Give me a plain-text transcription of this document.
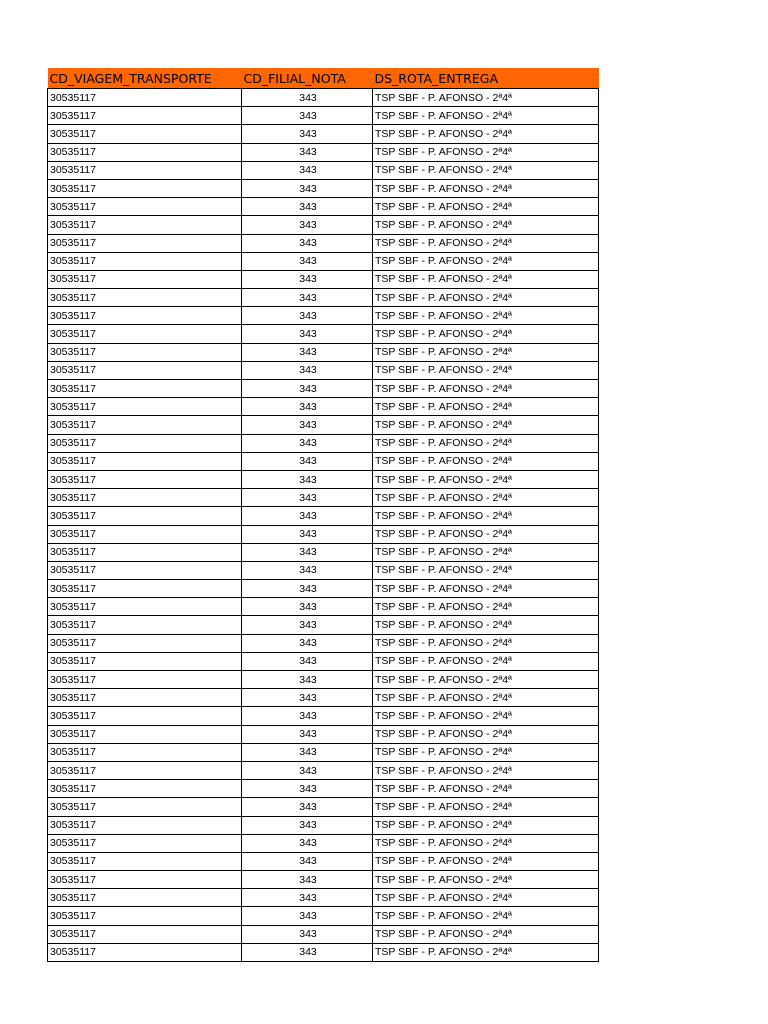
CD_VIAGEM_TRANSPORTE	CD_FILIAL_NOTA	DS_ROTA_ENTREGA
30535117	343	TSP SBF - P. AFONSO - 2ª4ª
30535117	343	TSP SBF - P. AFONSO - 2ª4ª
30535117	343	TSP SBF - P. AFONSO - 2ª4ª
30535117	343	TSP SBF - P. AFONSO - 2ª4ª
30535117	343	TSP SBF - P. AFONSO - 2ª4ª
30535117	343	TSP SBF - P. AFONSO - 2ª4ª
30535117	343	TSP SBF - P. AFONSO - 2ª4ª
30535117	343	TSP SBF - P. AFONSO - 2ª4ª
30535117	343	TSP SBF - P. AFONSO - 2ª4ª
30535117	343	TSP SBF - P. AFONSO - 2ª4ª
30535117	343	TSP SBF - P. AFONSO - 2ª4ª
30535117	343	TSP SBF - P. AFONSO - 2ª4ª
30535117	343	TSP SBF - P. AFONSO - 2ª4ª
30535117	343	TSP SBF - P. AFONSO - 2ª4ª
30535117	343	TSP SBF - P. AFONSO - 2ª4ª
30535117	343	TSP SBF - P. AFONSO - 2ª4ª
30535117	343	TSP SBF - P. AFONSO - 2ª4ª
30535117	343	TSP SBF - P. AFONSO - 2ª4ª
30535117	343	TSP SBF - P. AFONSO - 2ª4ª
30535117	343	TSP SBF - P. AFONSO - 2ª4ª
30535117	343	TSP SBF - P. AFONSO - 2ª4ª
30535117	343	TSP SBF - P. AFONSO - 2ª4ª
30535117	343	TSP SBF - P. AFONSO - 2ª4ª
30535117	343	TSP SBF - P. AFONSO - 2ª4ª
30535117	343	TSP SBF - P. AFONSO - 2ª4ª
30535117	343	TSP SBF - P. AFONSO - 2ª4ª
30535117	343	TSP SBF - P. AFONSO - 2ª4ª
30535117	343	TSP SBF - P. AFONSO - 2ª4ª
30535117	343	TSP SBF - P. AFONSO - 2ª4ª
30535117	343	TSP SBF - P. AFONSO - 2ª4ª
30535117	343	TSP SBF - P. AFONSO - 2ª4ª
30535117	343	TSP SBF - P. AFONSO - 2ª4ª
30535117	343	TSP SBF - P. AFONSO - 2ª4ª
30535117	343	TSP SBF - P. AFONSO - 2ª4ª
30535117	343	TSP SBF - P. AFONSO - 2ª4ª
30535117	343	TSP SBF - P. AFONSO - 2ª4ª
30535117	343	TSP SBF - P. AFONSO - 2ª4ª
30535117	343	TSP SBF - P. AFONSO - 2ª4ª
30535117	343	TSP SBF - P. AFONSO - 2ª4ª
30535117	343	TSP SBF - P. AFONSO - 2ª4ª
30535117	343	TSP SBF - P. AFONSO - 2ª4ª
30535117	343	TSP SBF - P. AFONSO - 2ª4ª
30535117	343	TSP SBF - P. AFONSO - 2ª4ª
30535117	343	TSP SBF - P. AFONSO - 2ª4ª
30535117	343	TSP SBF - P. AFONSO - 2ª4ª
30535117	343	TSP SBF - P. AFONSO - 2ª4ª
30535117	343	TSP SBF - P. AFONSO - 2ª4ª
30535117	343	TSP SBF - P. AFONSO - 2ª4ª
